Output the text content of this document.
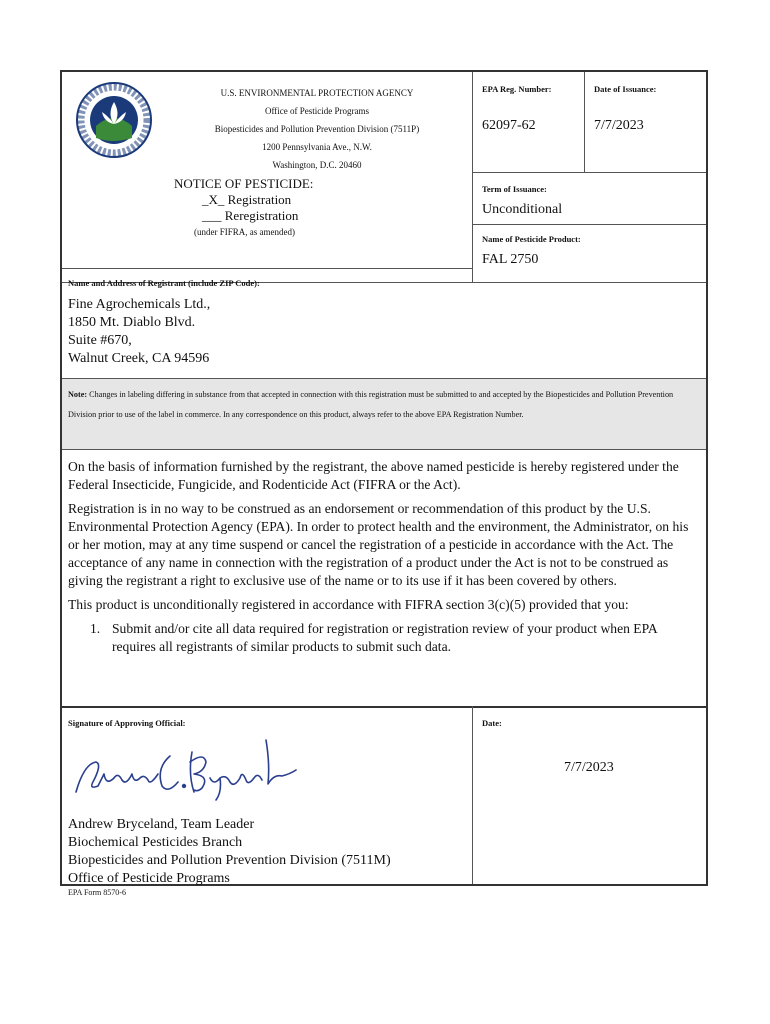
U.S. ENVIRONMENTAL PROTECTION AGENCY
Office of Pesticide Programs
Biopesticides and Pollution Prevention Division (7511P)
1200 Pennsylvania Ave., N.W.
Washington, D.C. 20460
NOTICE OF PESTICIDE:
_X_ Registration
___ Reregistration
(under FIFRA, as amended)
EPA Reg. Number:
62097-62
Date of Issuance:
7/7/2023
Term of Issuance:
Unconditional
Name of Pesticide Product:
FAL 2750
Name and Address of Registrant (include ZIP Code):
Fine Agrochemicals Ltd.,
1850 Mt. Diablo Blvd.
Suite #670,
Walnut Creek, CA 94596
Note: Changes in labeling differing in substance from that accepted in connection with this registration must be submitted to and accepted by the Biopesticides and Pollution Prevention Division prior to use of the label in commerce. In any correspondence on this product, always refer to the above EPA Registration Number.
On the basis of information furnished by the registrant, the above named pesticide is hereby registered under the Federal Insecticide, Fungicide, and Rodenticide Act (FIFRA or the Act).
Registration is in no way to be construed as an endorsement or recommendation of this product by the U.S. Environmental Protection Agency (EPA). In order to protect health and the environment, the Administrator, on his or her motion, may at any time suspend or cancel the registration of a pesticide in accordance with the Act. The acceptance of any name in connection with the registration of a product under the Act is not to be construed as giving the registrant a right to exclusive use of the name or to its use if it has been covered by others.
This product is unconditionally registered in accordance with FIFRA section 3(c)(5) provided that you:
1. Submit and/or cite all data required for registration or registration review of your product when EPA requires all registrants of similar products to submit such data.
Signature of Approving Official:	Date:
7/7/2023
Andrew Bryceland, Team Leader
Biochemical Pesticides Branch
Biopesticides and Pollution Prevention Division (7511M)
Office of Pesticide Programs
EPA Form 8570-6
